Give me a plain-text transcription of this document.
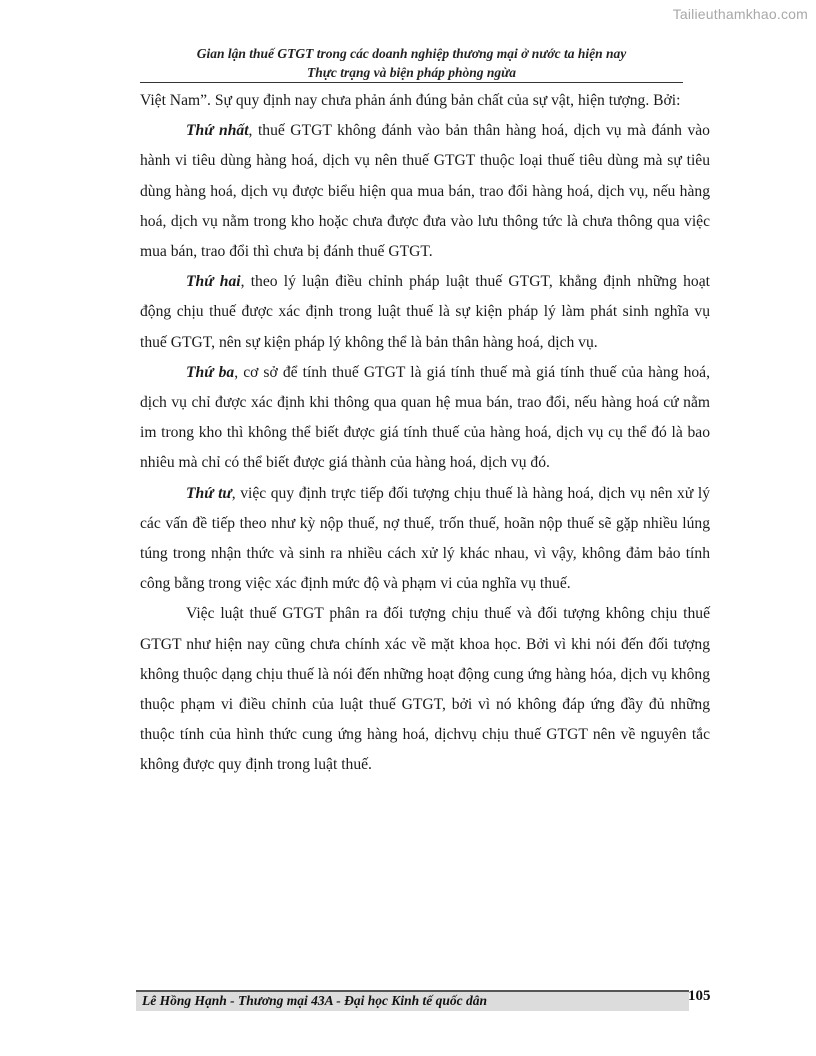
Tailieuthamkhao.com
Gian lận thuế GTGT trong các doanh nghiệp thương mại ở nước ta hiện nay
Thực trạng và biện pháp phòng ngừa

Việt Nam”. Sự quy định nay chưa phản ánh đúng bản chất của sự vật, hiện tượng. Bởi:

Thứ nhất, thuế GTGT không đánh vào bản thân hàng hoá, dịch vụ mà đánh vào hành vi tiêu dùng hàng hoá, dịch vụ nên thuế GTGT thuộc loại thuế tiêu dùng mà sự tiêu dùng hàng hoá, dịch vụ được biểu hiện qua mua bán, trao đổi hàng hoá, dịch vụ, nếu hàng hoá, dịch vụ nằm trong kho hoặc chưa được đưa vào lưu thông tức là chưa thông qua việc mua bán, trao đổi thì chưa bị đánh thuế GTGT.

Thứ hai, theo lý luận điều chỉnh pháp luật thuế GTGT, khẳng định những hoạt động chịu thuế được xác định trong luật thuế là sự kiện pháp lý làm phát sinh nghĩa vụ thuế GTGT, nên sự kiện pháp lý không thể là bản thân hàng hoá, dịch vụ.

Thứ ba, cơ sở để tính thuế GTGT là giá tính thuế mà giá tính thuế của hàng hoá, dịch vụ chỉ được xác định khi thông qua quan hệ mua bán, trao đổi, nếu hàng hoá cứ nằm im trong kho thì không thể biết được giá tính thuế của hàng hoá, dịch vụ cụ thể đó là bao nhiêu mà chỉ có thể biết được giá thành của hàng hoá, dịch vụ đó.

Thứ tư, việc quy định trực tiếp đối tượng chịu thuế là hàng hoá, dịch vụ nên xử lý các vấn đề tiếp theo như kỳ nộp thuế, nợ thuế, trốn thuế, hoãn nộp thuế sẽ gặp nhiều lúng túng trong nhận thức và sinh ra nhiều cách xử lý khác nhau, vì vậy, không đảm bảo tính công bằng trong việc xác định mức độ và phạm vi của nghĩa vụ thuế.

Việc luật thuế GTGT phân ra đối tượng chịu thuế và đối tượng không chịu thuế GTGT như hiện nay cũng chưa chính xác về mặt khoa học. Bởi vì khi nói đến đối tượng không thuộc dạng chịu thuế là nói đến những hoạt động cung ứng hàng hóa, dịch vụ không thuộc phạm vi điều chỉnh của luật thuế GTGT, bởi vì nó không đáp ứng đầy đủ những thuộc tính của hình thức cung ứng hàng hoá, dịchvụ chịu thuế GTGT nên về nguyên tắc không được quy định trong luật thuế.

Lê Hồng Hạnh - Thương mại 43A - Đại học Kinh tế quốc dân	105
